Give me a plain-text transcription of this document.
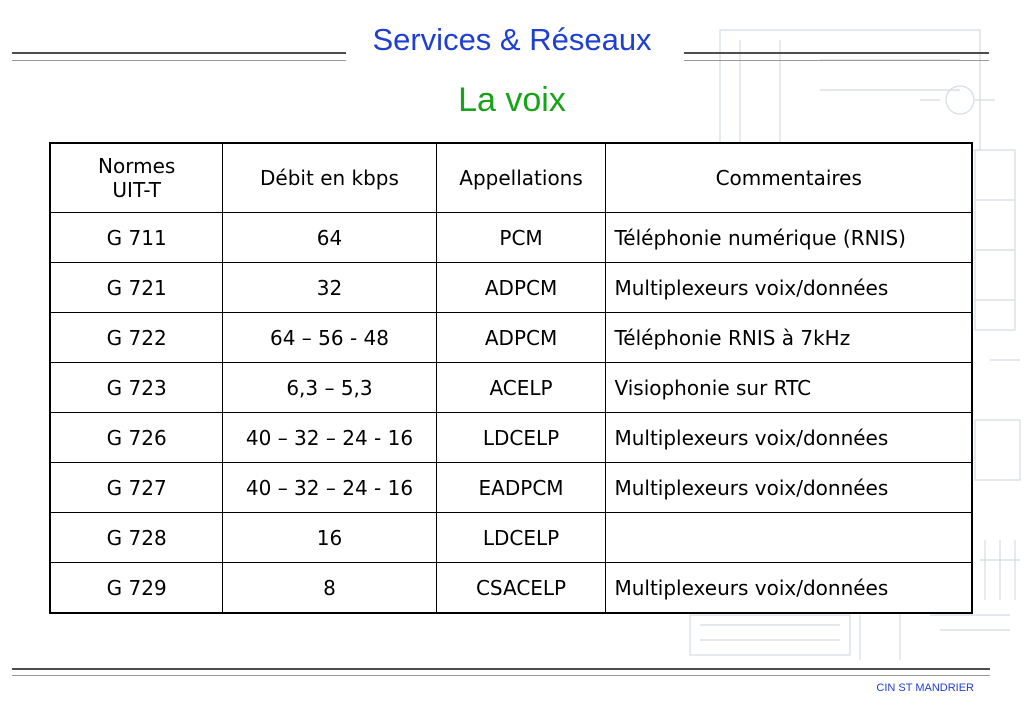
Services & Réseaux
La voix
Normes UIT-T	Débit en kbps	Appellations	Commentaires
G 711	64	PCM	Téléphonie numérique (RNIS)
G 721	32	ADPCM	Multiplexeurs voix/données
G 722	64 – 56 - 48	ADPCM	Téléphonie RNIS à 7kHz
G 723	6,3 – 5,3	ACELP	Visiophonie sur RTC
G 726	40 – 32 – 24 - 16	LDCELP	Multiplexeurs voix/données
G 727	40 – 32 – 24 - 16	EADPCM	Multiplexeurs voix/données
G 728	16	LDCELP	
G 729	8	CSACELP	Multiplexeurs voix/données
CIN ST MANDRIER
